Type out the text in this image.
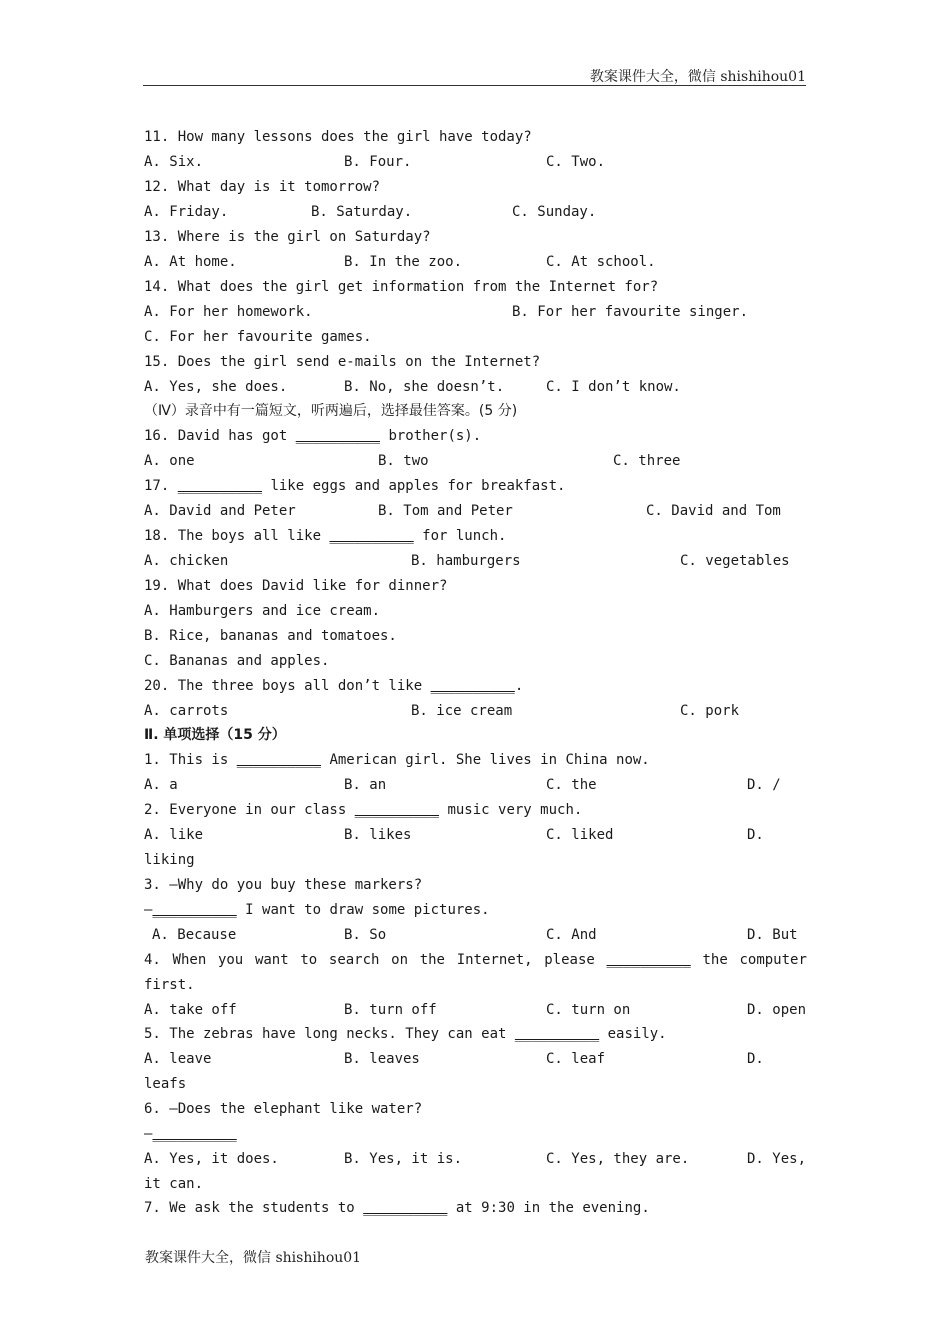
教案课件大全，微信 shishihou01

11. How many lessons does the girl have today?

A. Six.

	B. Four.

	C. Two.

12. What day is it tomorrow?

A. Friday.

	B. Saturday.

	C. Sunday.

13. Where is the girl on Saturday?

A. At home.

	B. In the zoo.

	C. At school.

14. What does the girl get information from the Internet for?

A. For her homework.

	B. For her favourite singer.

C. For her favourite games.

15. Does the girl send e-mails on the Internet?

A. Yes, she does.

	B. No, she doesn’t.

	C. I don’t know.

（Ⅳ）录音中有一篇短文，听两遍后，选择最佳答案。(5 分)

16. David has got __________ brother(s).

A. one

	B. two

	C. three

17. __________ like eggs and apples for breakfast.

A. David and Peter

	B. Tom and Peter

	C. David and Tom

18. The boys all like __________ for lunch.

A. chicken

	B. hamburgers

	C. vegetables

19. What does David like for dinner?

A. Hamburgers and ice cream.

B. Rice, bananas and tomatoes.

C. Bananas and apples.

20. The three boys all don’t like __________.

A. carrots

	B. ice cream

	C. pork

Ⅱ. 单项选择（15 分）

1. This is __________ American girl. She lives in China now.

A. a

	B. an

	C. the

	D. /

2. Everyone in our class __________ music very much.

A. like

	B. likes

	C. liked

	D.

liking

3. —Why do you buy these markers?

—__________ I want to draw some pictures.

A. Because

	B. So

	C. And

	D. But

4. When you want to search on the Internet, please __________ the computer

first.

A. take off

	B. turn off

	C. turn on

	D. open

5. The zebras have long necks. They can eat __________ easily.

A. leave

	B. leaves

	C. leaf

	D.

leafs

6. —Does the elephant like water?

—__________

A. Yes, it does.

	B. Yes, it is.

	C. Yes, they are.

	D. Yes,

it can.

7. We ask the students to __________ at 9:30 in the evening.

教案课件大全，微信 shishihou01
